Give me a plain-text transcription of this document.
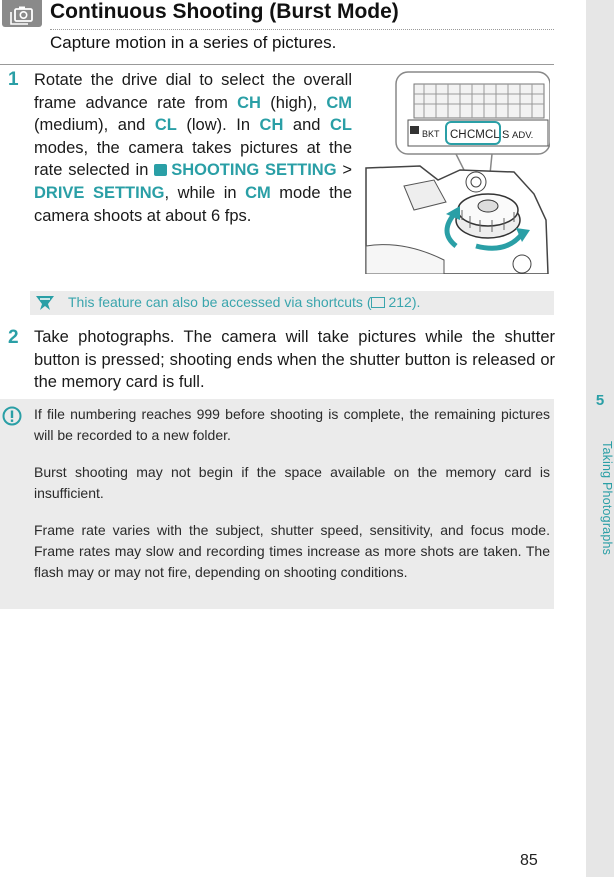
5
Taking Photographs
Continuous Shooting (Burst Mode)
Capture motion in a series of pictures.
1 Rotate the drive dial to select the overall frame advance rate from CH (high), CM (medium), and CL (low). In CH and CL modes, the camera takes pictures at the rate selected in SHOOTING SETTING > DRIVE SETTING, while in CM mode the camera shoots at about 6 fps.
BKT CH CM CL S ADV.
This feature can also be accessed via shortcuts ( 212).
2 Take photographs. The camera will take pictures while the shutter button is pressed; shooting ends when the shutter button is released or the memory card is full.
If file numbering reaches 999 before shooting is complete, the remaining pictures will be recorded to a new folder.
Burst shooting may not begin if the space available on the memory card is insufficient.
Frame rate varies with the subject, shutter speed, sensitivity, and focus mode. Frame rates may slow and recording times increase as more shots are taken. The flash may or may not fire, depending on shooting conditions.
85
